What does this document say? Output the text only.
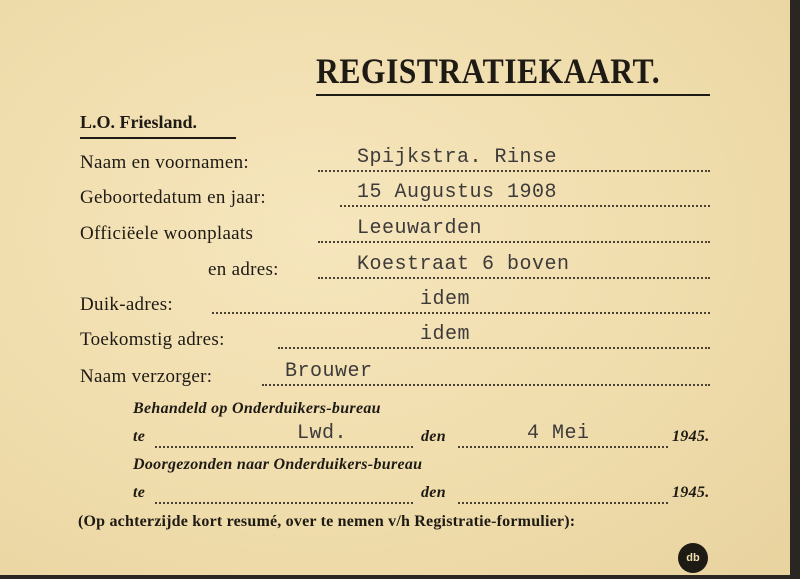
REGISTRATIEKAART.
L.O. Friesland.
Naam en voornamen:	Spijkstra. Rinse
Geboortedatum en jaar:	15 Augustus 1908
Officiëele woonplaats	Leeuwarden
en adres:	Koestraat 6 boven
Duik-adres:	idem
Toekomstig adres:	idem
Naam verzorger:	Brouwer
Behandeld op Onderduikers-bureau
te	Lwd.	den	4 Mei	1945.
Doorgezonden naar Onderduikers-bureau
te	den	1945.
(Op achterzijde kort resumé, over te nemen v/h Registratie-formulier):
db
